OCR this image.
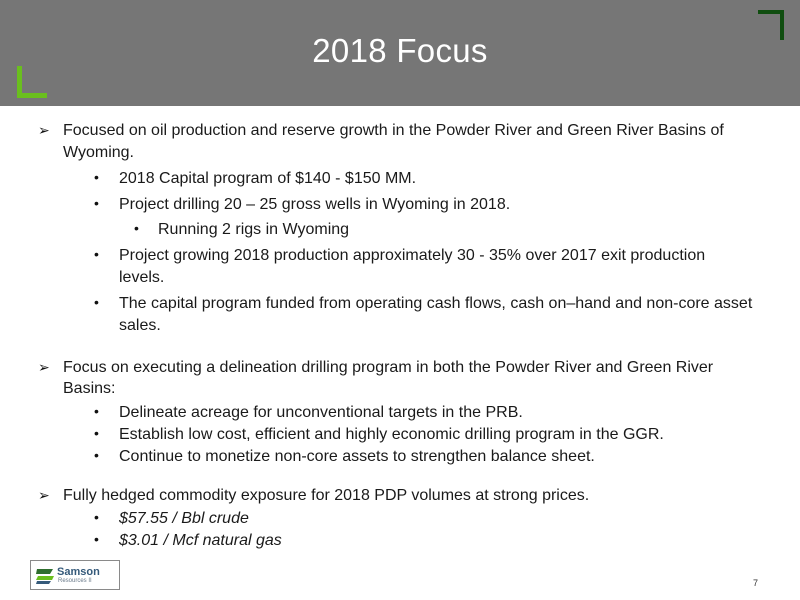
2018 Focus
➢ Focused on oil production and reserve growth in the Powder River and Green River Basins of
Wyoming.
• 2018 Capital program of $140 - $150 MM.
• Project drilling 20 – 25 gross wells in Wyoming in 2018.
• Running 2 rigs in Wyoming
• Project growing 2018 production approximately 30 - 35% over 2017 exit production
levels.
• The capital program funded from operating cash flows, cash on–hand and non-core asset
sales.
➢ Focus on executing a delineation drilling program in both the Powder River and Green River
Basins:
• Delineate acreage for unconventional targets in the PRB.
• Establish low cost, efficient and highly economic drilling program in the GGR.
• Continue to monetize non-core assets to strengthen balance sheet.
➢ Fully hedged commodity exposure for 2018 PDP volumes at strong prices.
• $57.55 / Bbl crude
• $3.01 / Mcf natural gas
Samson
Resources II	7
